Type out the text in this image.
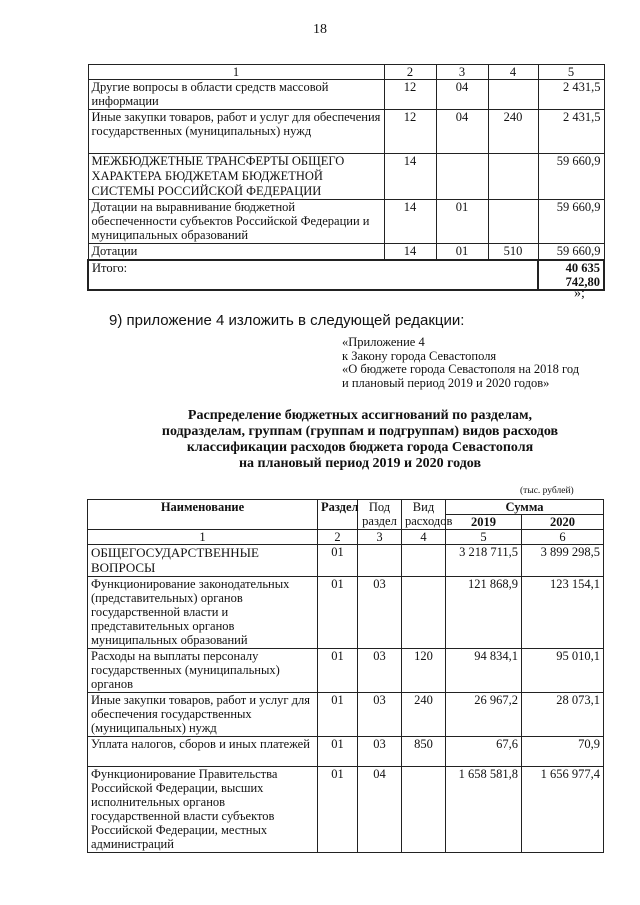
18
1	2	3	4	5
Другие вопросы в области средств массовой информации	12	04		2 431,5
Иные закупки товаров, работ и услуг для обеспечения государственных (муниципальных) нужд	12	04	240	2 431,5
МЕЖБЮДЖЕТНЫЕ ТРАНСФЕРТЫ ОБЩЕГО ХАРАКТЕРА БЮДЖЕТАМ БЮДЖЕТНОЙ СИСТЕМЫ РОССИЙСКОЙ ФЕДЕРАЦИИ	14			59 660,9
Дотации на выравнивание бюджетной обеспеченности субъектов Российской Федерации и муниципальных образований	14	01		59 660,9
Дотации	14	01	510	59 660,9
Итого:				40 635 742,80
»;
9) приложение 4 изложить в следующей редакции:
«Приложение 4
к Закону города Севастополя
«О бюджете города Севастополя на 2018 год
и плановый период 2019 и 2020 годов»
Распределение бюджетных ассигнований по разделам,
подразделам, группам (группам и подгруппам) видов расходов
классификации расходов бюджета города Севастополя
на плановый период 2019 и 2020 годов
(тыс. рублей)
Наименование	Раздел	Под раздел	Вид расходов	Сумма	
				2019	2020
1	2	3	4	5	6
ОБЩЕГОСУДАРСТВЕННЫЕ ВОПРОСЫ	01			3 218 711,5	3 899 298,5
Функционирование законодательных (представительных) органов государственной власти и представительных органов муниципальных образований	01	03		121 868,9	123 154,1
Расходы на выплаты персоналу государственных (муниципальных) органов	01	03	120	94 834,1	95 010,1
Иные закупки товаров, работ и услуг для обеспечения государственных (муниципальных) нужд	01	03	240	26 967,2	28 073,1
Уплата налогов, сборов и иных платежей	01	03	850	67,6	70,9
Функционирование Правительства Российской Федерации, высших исполнительных органов государственной власти субъектов Российской Федерации, местных администраций	01	04		1 658 581,8	1 656 977,4
